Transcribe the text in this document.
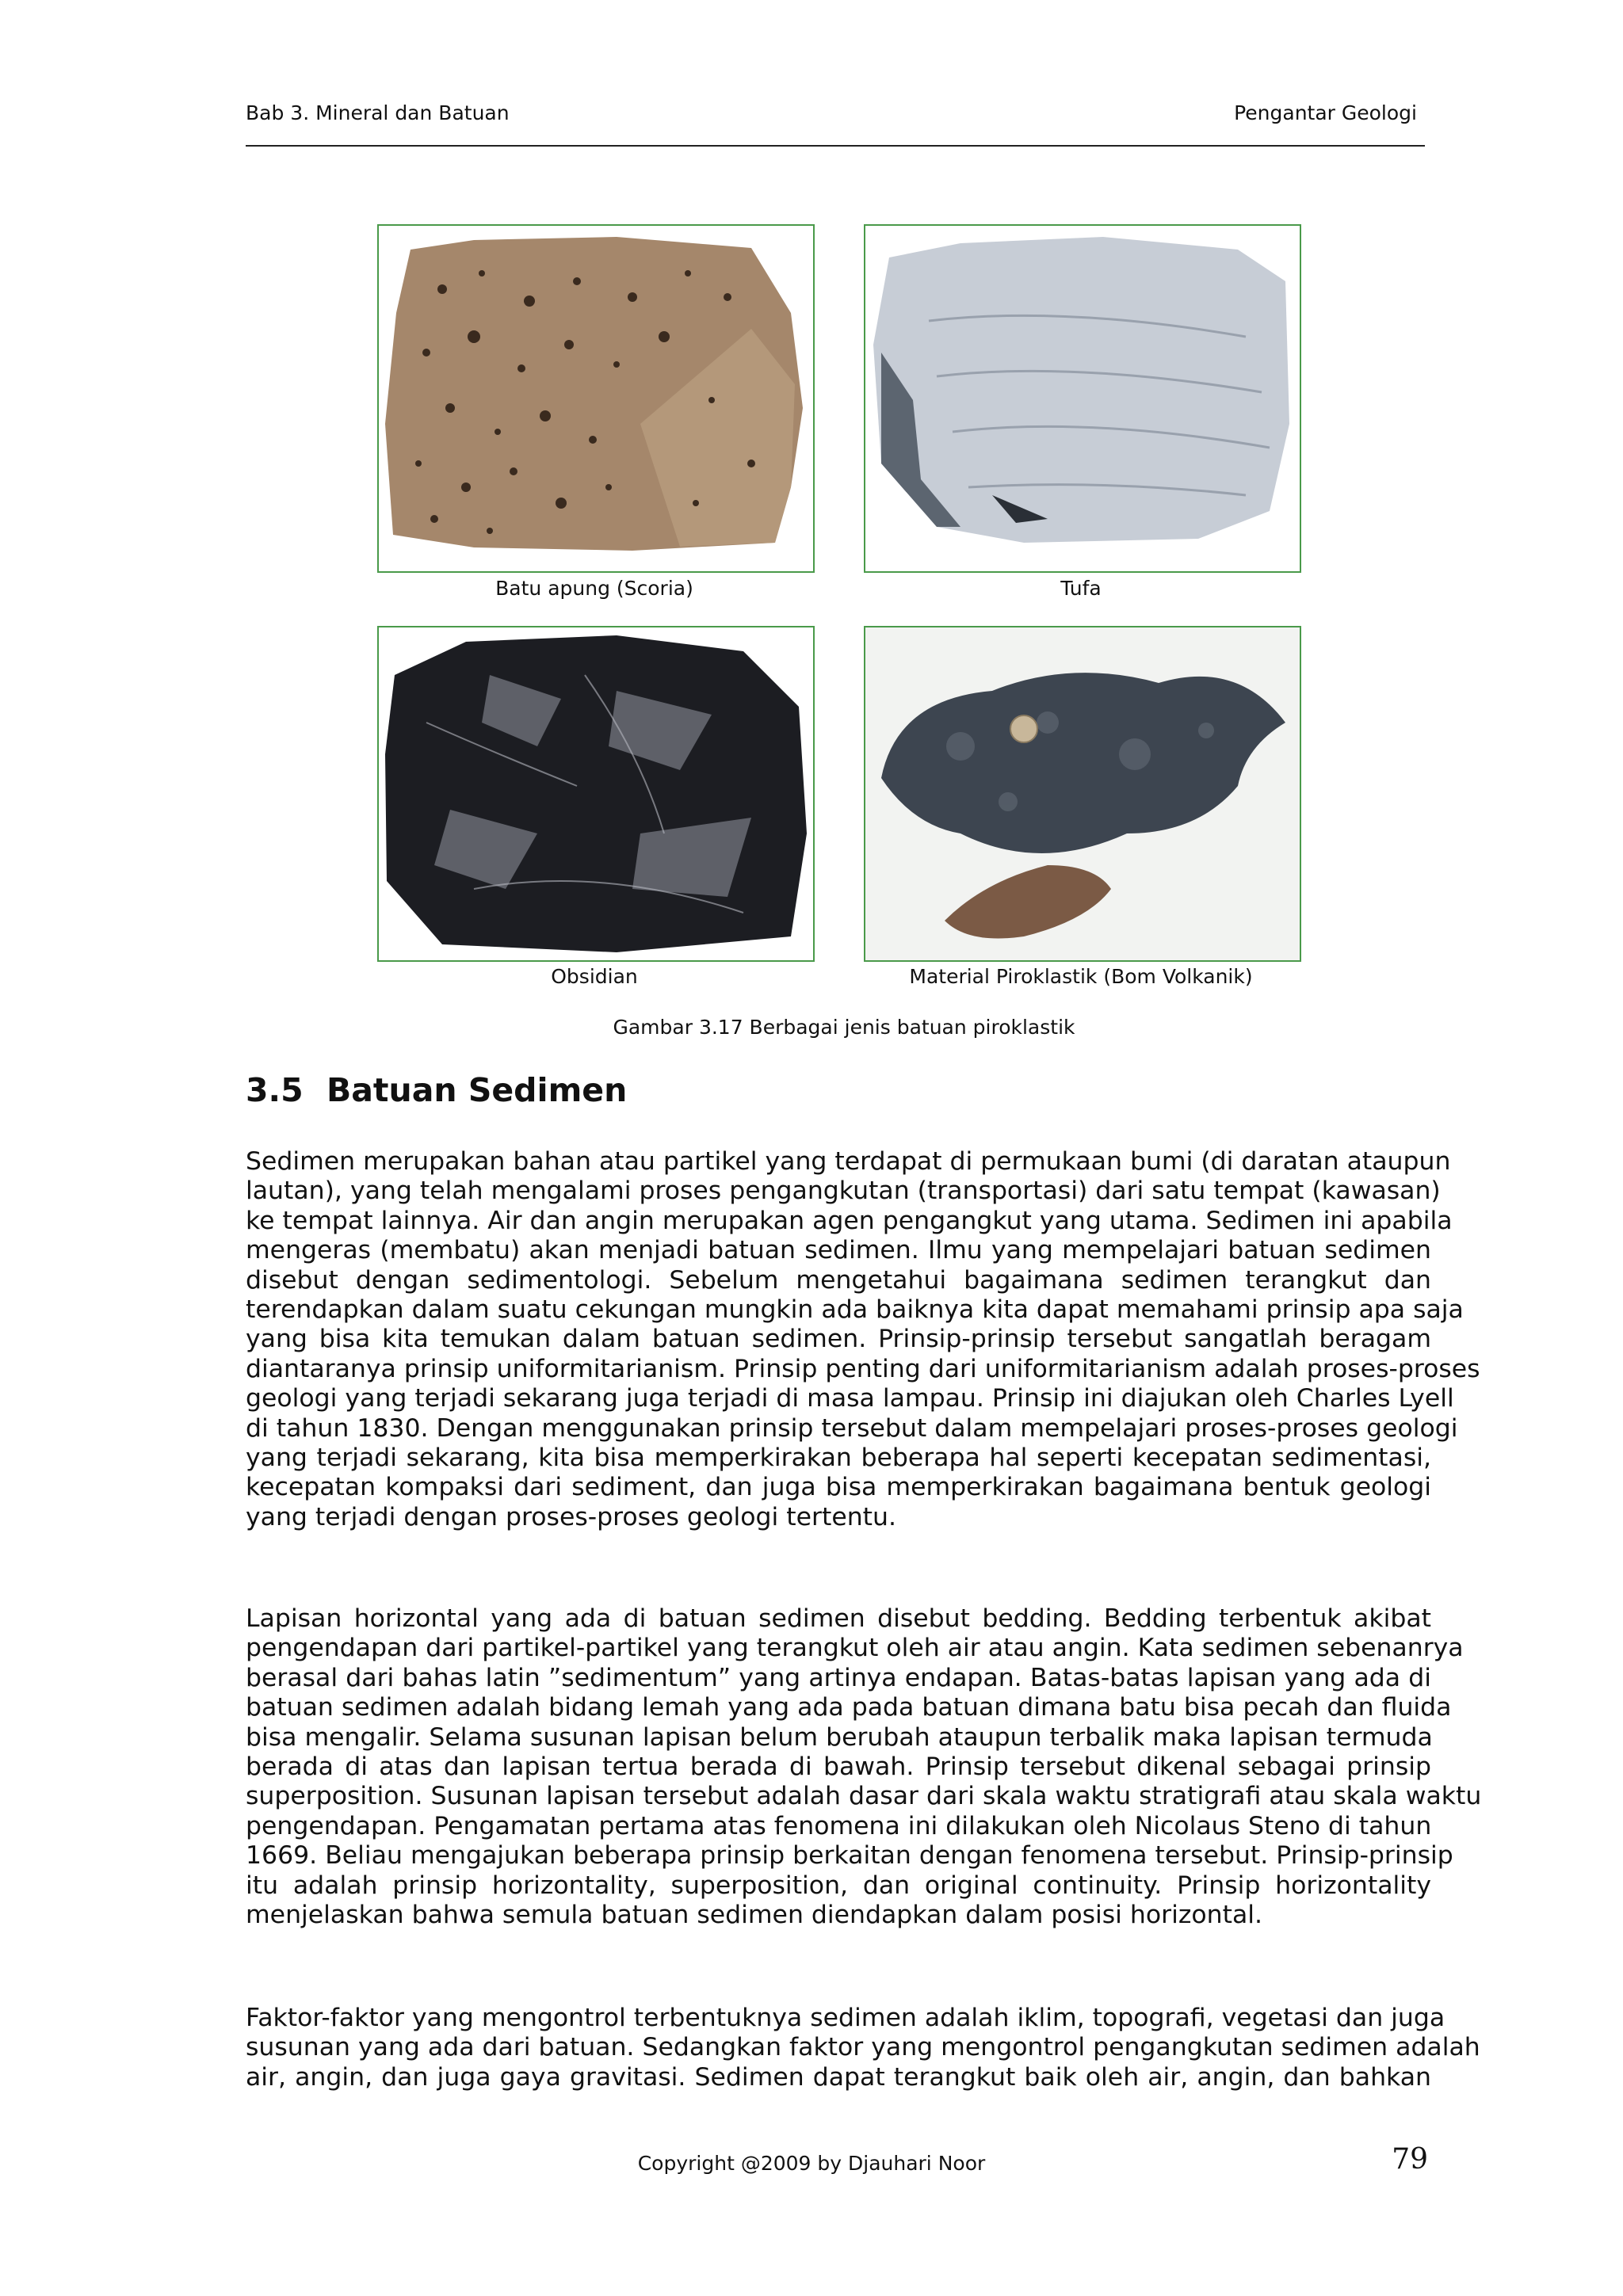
Bab 3. Mineral dan Batuan	Pengantar Geologi
Batu apung (Scoria)	Tufa
Obsidian	Material Piroklastik (Bom Volkanik)
Gambar 3.17 Berbagai jenis batuan piroklastik
3.5 Batuan Sedimen
Sedimen merupakan bahan atau partikel yang terdapat di permukaan bumi (di daratan ataupun
lautan), yang telah mengalami proses pengangkutan (transportasi) dari satu tempat (kawasan)
ke tempat lainnya. Air dan angin merupakan agen pengangkut yang utama. Sedimen ini apabila
mengeras (membatu) akan menjadi batuan sedimen. Ilmu yang mempelajari batuan sedimen
disebut dengan sedimentologi. Sebelum mengetahui bagaimana sedimen terangkut dan
terendapkan dalam suatu cekungan mungkin ada baiknya kita dapat memahami prinsip apa saja
yang bisa kita temukan dalam batuan sedimen. Prinsip-prinsip tersebut sangatlah beragam
diantaranya prinsip uniformitarianism. Prinsip penting dari uniformitarianism adalah proses-proses
geologi yang terjadi sekarang juga terjadi di masa lampau. Prinsip ini diajukan oleh Charles Lyell
di tahun 1830. Dengan menggunakan prinsip tersebut dalam mempelajari proses-proses geologi
yang terjadi sekarang, kita bisa memperkirakan beberapa hal seperti kecepatan sedimentasi,
kecepatan kompaksi dari sediment, dan juga bisa memperkirakan bagaimana bentuk geologi
yang terjadi dengan proses-proses geologi tertentu.
Lapisan horizontal yang ada di batuan sedimen disebut bedding. Bedding terbentuk akibat
pengendapan dari partikel-partikel yang terangkut oleh air atau angin. Kata sedimen sebenanrya
berasal dari bahas latin ”sedimentum” yang artinya endapan. Batas-batas lapisan yang ada di
batuan sedimen adalah bidang lemah yang ada pada batuan dimana batu bisa pecah dan fluida
bisa mengalir. Selama susunan lapisan belum berubah ataupun terbalik maka lapisan termuda
berada di atas dan lapisan tertua berada di bawah. Prinsip tersebut dikenal sebagai prinsip
superposition. Susunan lapisan tersebut adalah dasar dari skala waktu stratigrafi atau skala waktu
pengendapan. Pengamatan pertama atas fenomena ini dilakukan oleh Nicolaus Steno di tahun
1669. Beliau mengajukan beberapa prinsip berkaitan dengan fenomena tersebut. Prinsip-prinsip
itu adalah prinsip horizontality, superposition, dan original continuity. Prinsip horizontality
menjelaskan bahwa semula batuan sedimen diendapkan dalam posisi horizontal.
Faktor-faktor yang mengontrol terbentuknya sedimen adalah iklim, topografi, vegetasi dan juga
susunan yang ada dari batuan. Sedangkan faktor yang mengontrol pengangkutan sedimen adalah
air, angin, dan juga gaya gravitasi. Sedimen dapat terangkut baik oleh air, angin, dan bahkan
Copyright @2009 by Djauhari Noor	79
